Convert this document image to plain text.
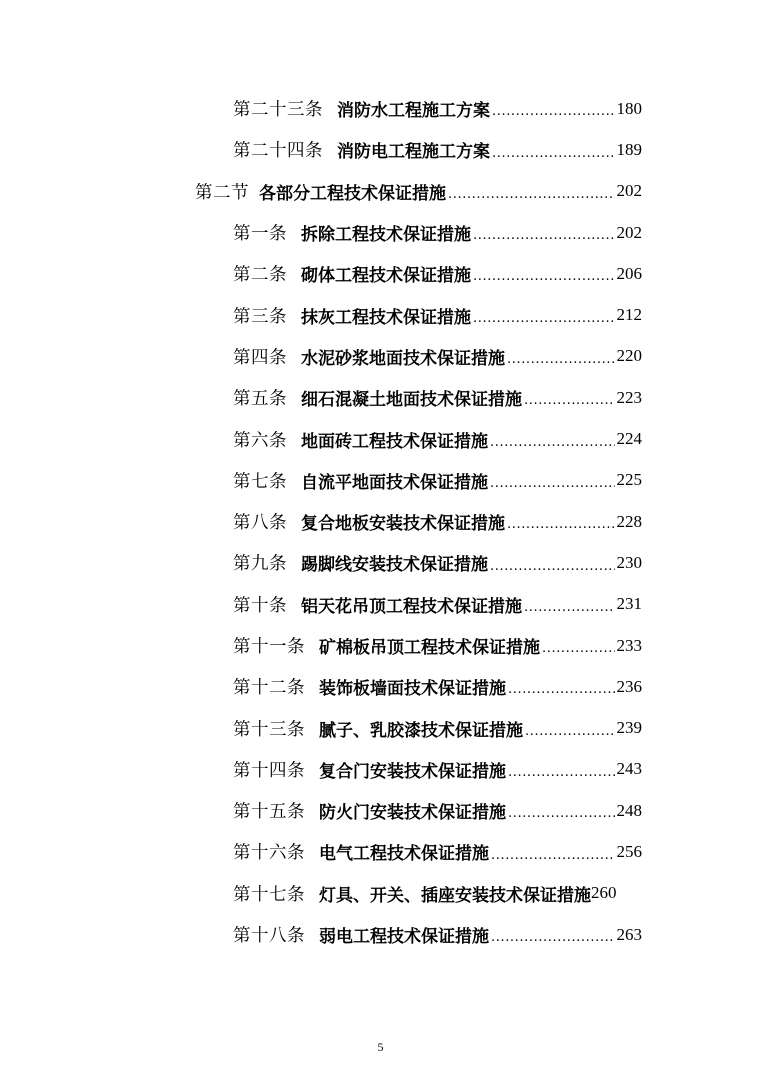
第二十三条 消防水工程施工方案 .....	180
第二十四条 消防电工程施工方案 .....	189
第二节 各部分工程技术保证措施 .....	202
第一条 拆除工程技术保证措施 .....	202
第二条 砌体工程技术保证措施 .....	206
第三条 抹灰工程技术保证措施 .....	212
第四条 水泥砂浆地面技术保证措施 .....	220
第五条 细石混凝土地面技术保证措施 .....	223
第六条 地面砖工程技术保证措施 .....	224
第七条 自流平地面技术保证措施 .....	225
第八条 复合地板安装技术保证措施 .....	228
第九条 踢脚线安装技术保证措施 .....	230
第十条 铝天花吊顶工程技术保证措施 .....	231
第十一条 矿棉板吊顶工程技术保证措施 .....	233
第十二条 装饰板墙面技术保证措施 .....	236
第十三条 腻子、乳胶漆技术保证措施 .....	239
第十四条 复合门安装技术保证措施 .....	243
第十五条 防火门安装技术保证措施 .....	248
第十六条 电气工程技术保证措施 .....	256
第十七条 灯具、开关、插座安装技术保证措施 260
第十八条 弱电工程技术保证措施 .....	263
5
